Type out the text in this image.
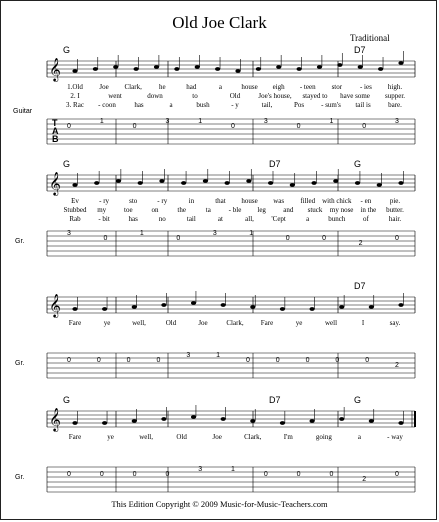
Old Joe Clark
Traditional
𝄞
G	D7
1.Old Joe Clark, he	had	a	house eigh - teen stor	- ies high.
2. I	went	down	to	Old	Joe's house, stayed to have some supper.
3. Rac - coon	has	a	bush	- y	tail,	Pos - sum's tail is bare.
T
A
B
0
1
0
3	1
0
3
0
1
0
3
Guitar
𝄞
G	D7	G
Ev	- ry	sto	- ry	in	that house was filled with chick - en	pie.
Stubbed my	toe	on	the	ta	- ble leg and stuck my nose in the butter.
Rab	- bit	has	no	tail	at	all, 'Cept	a	bunch	of	hair.
3
0
1
0
3	1
0	0
2
0
Gr.
𝄞
D7
Fare	ye	well,	Old	Joe	Clark, Fare	ye	well	I	say.
0	0	0	0
3	1
0	0	0	0	0
2
Gr.
𝄞
G	D7	G
Fare	ye	well,	Old	Joe	Clark,	I'm	going	a	- way
0	0	0	0
3	1
0	0	0
2
0
Gr.
This Edition Copyright © 2009 Music-for-Music-Teachers.com
